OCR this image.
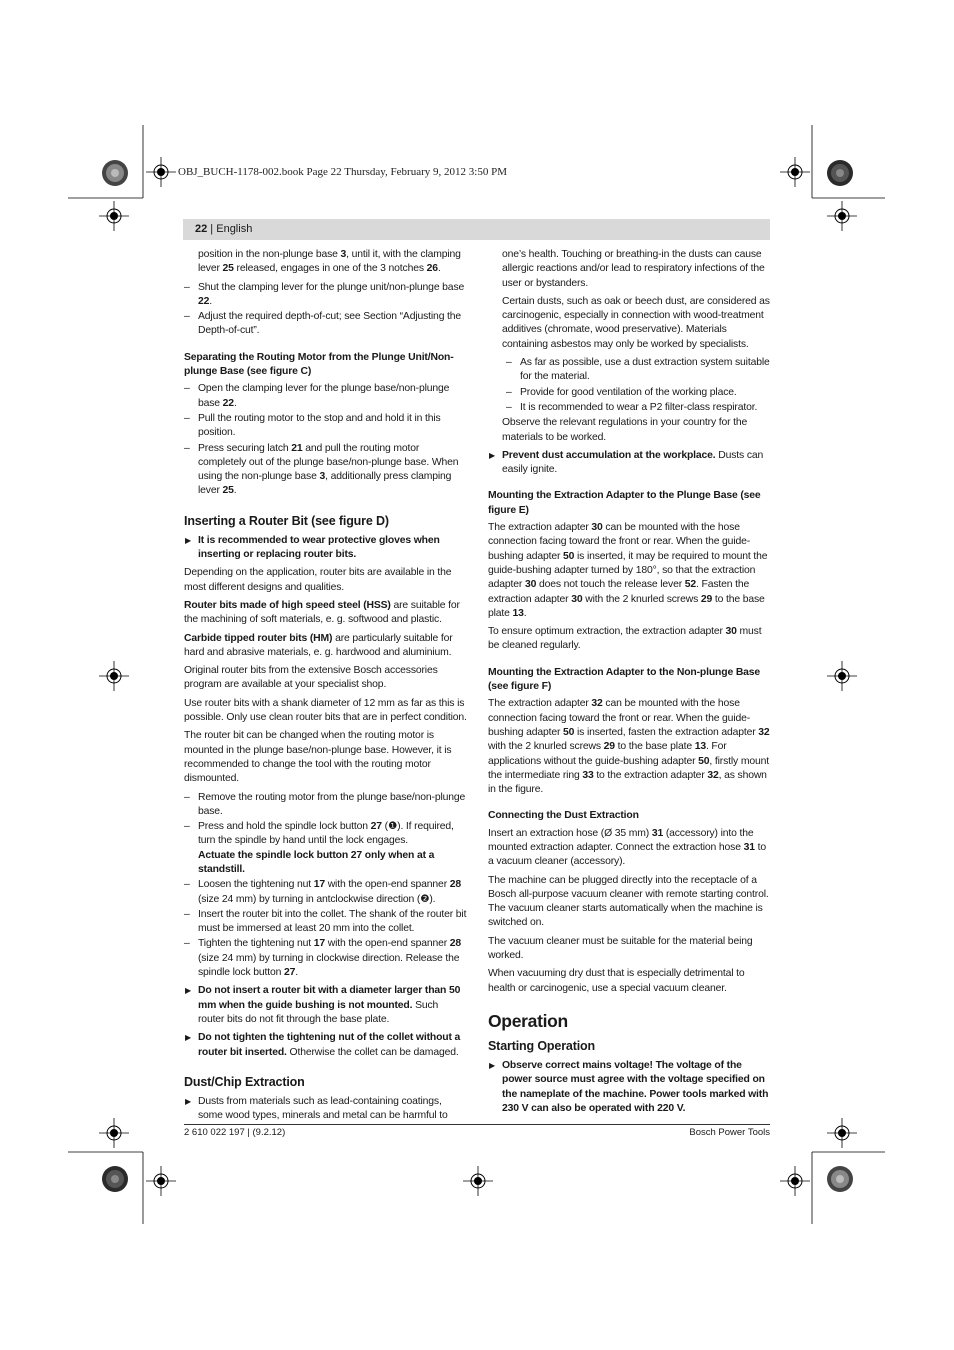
OBJ_BUCH-1178-002.book Page 22 Thursday, February 9, 2012 3:50 PM
22 | English

position in the non-plunge base 3, until it, with the clamping lever 25 released, engages in one of the 3 notches 26.

– Shut the clamping lever for the plunge unit/non-plunge base 22.
– Adjust the required depth-of-cut; see Section “Adjusting the Depth-of-cut”.
Separating the Routing Motor from the Plunge Unit/Non-plunge Base (see figure C)
– Open the clamping lever for the plunge base/non-plunge base 22.
– Pull the routing motor to the stop and and hold it in this position.
– Press securing latch 21 and pull the routing motor completely out of the plunge base/non-plunge base. When using the non-plunge base 3, additionally press clamping lever 25.
Inserting a Router Bit (see figure D)
▶ It is recommended to wear protective gloves when inserting or replacing router bits.

Depending on the application, router bits are available in the most different designs and qualities.

Router bits made of high speed steel (HSS) are suitable for the machining of soft materials, e. g. softwood and plastic.

Carbide tipped router bits (HM) are particularly suitable for hard and abrasive materials, e. g. hardwood and aluminium.

Original router bits from the extensive Bosch accessories program are available at your specialist shop.

Use router bits with a shank diameter of 12 mm as far as this is possible. Only use clean router bits that are in perfect condition.

The router bit can be changed when the routing motor is mounted in the plunge base/non-plunge base. However, it is recommended to change the tool with the routing motor dismounted.

– Remove the routing motor from the plunge base/non-plunge base.
– Press and hold the spindle lock button 27 (❶). If required, turn the spindle by hand until the lock engages.
Actuate the spindle lock button 27 only when at a standstill.
– Loosen the tightening nut 17 with the open-end spanner 28 (size 24 mm) by turning in antclockwise direction (❷).
– Insert the router bit into the collet. The shank of the router bit must be immersed at least 20 mm into the collet.
– Tighten the tightening nut 17 with the open-end spanner 28 (size 24 mm) by turning in clockwise direction. Release the spindle lock button 27.
▶ Do not insert a router bit with a diameter larger than 50 mm when the guide bushing is not mounted. Such router bits do not fit through the base plate.
▶ Do not tighten the tightening nut of the collet without a router bit inserted. Otherwise the collet can be damaged.
Dust/Chip Extraction
▶ Dusts from materials such as lead-containing coatings, some wood types, minerals and metal can be harmful to

one’s health. Touching or breathing-in the dusts can cause allergic reactions and/or lead to respiratory infections of the user or bystanders.

Certain dusts, such as oak or beech dust, are considered as carcinogenic, especially in connection with wood-treatment additives (chromate, wood preservative). Materials containing asbestos may only be worked by specialists.

– As far as possible, use a dust extraction system suitable for the material.
– Provide for good ventilation of the working place.
– It is recommended to wear a P2 filter-class respirator.

Observe the relevant regulations in your country for the materials to be worked.

▶ Prevent dust accumulation at the workplace. Dusts can easily ignite.
Mounting the Extraction Adapter to the Plunge Base (see figure E)

The extraction adapter 30 can be mounted with the hose connection facing toward the front or rear. When the guide-bushing adapter 50 is inserted, it may be required to mount the guide-bushing adapter turned by 180°, so that the extraction adapter 30 does not touch the release lever 52. Fasten the extraction adapter 30 with the 2 knurled screws 29 to the base plate 13.

To ensure optimum extraction, the extraction adapter 30 must be cleaned regularly.

Mounting the Extraction Adapter to the Non-plunge Base (see figure F)

The extraction adapter 32 can be mounted with the hose connection facing toward the front or rear. When the guide-bushing adapter 50 is inserted, fasten the extraction adapter 32 with the 2 knurled screws 29 to the base plate 13. For applications without the guide-bushing adapter 50, firstly mount the intermediate ring 33 to the extraction adapter 32, as shown in the figure.

Connecting the Dust Extraction

Insert an extraction hose (Ø 35 mm) 31 (accessory) into the mounted extraction adapter. Connect the extraction hose 31 to a vacuum cleaner (accessory).

The machine can be plugged directly into the receptacle of a Bosch all-purpose vacuum cleaner with remote starting control. The vacuum cleaner starts automatically when the machine is switched on.

The vacuum cleaner must be suitable for the material being worked.

When vacuuming dry dust that is especially detrimental to health or carcinogenic, use a special vacuum cleaner.

Operation
Starting Operation
▶ Observe correct mains voltage! The voltage of the power source must agree with the voltage specified on the nameplate of the machine. Power tools marked with 230 V can also be operated with 220 V.
2 610 022 197 | (9.2.12)	Bosch Power Tools
